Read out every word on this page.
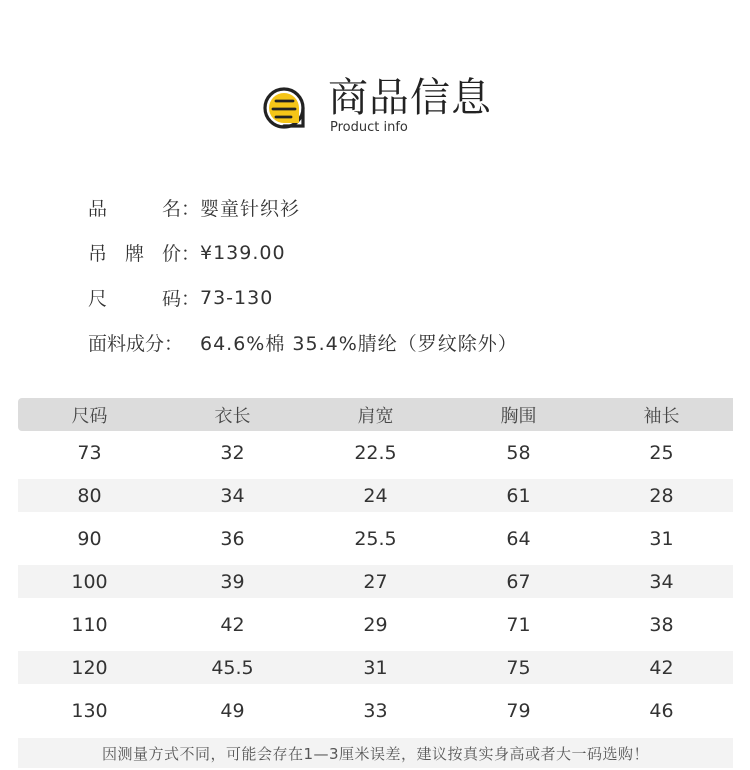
商品信息
Product info
品	名： 婴童针织衫
吊 牌 价： ¥139.00
尺	码： 73-130
面料成分： 64.6%棉 35.4%腈纶（罗纹除外）
尺码	衣长	肩宽	胸围	袖长
73	32	22.5	58	25
80	34	24	61	28
90	36	25.5	64	31
100	39	27	67	34
110	42	29	71	38
120	45.5	31	75	42
130	49	33	79	46
因测量方式不同，可能会存在1—3厘米误差，建议按真实身高或者大一码选购！
